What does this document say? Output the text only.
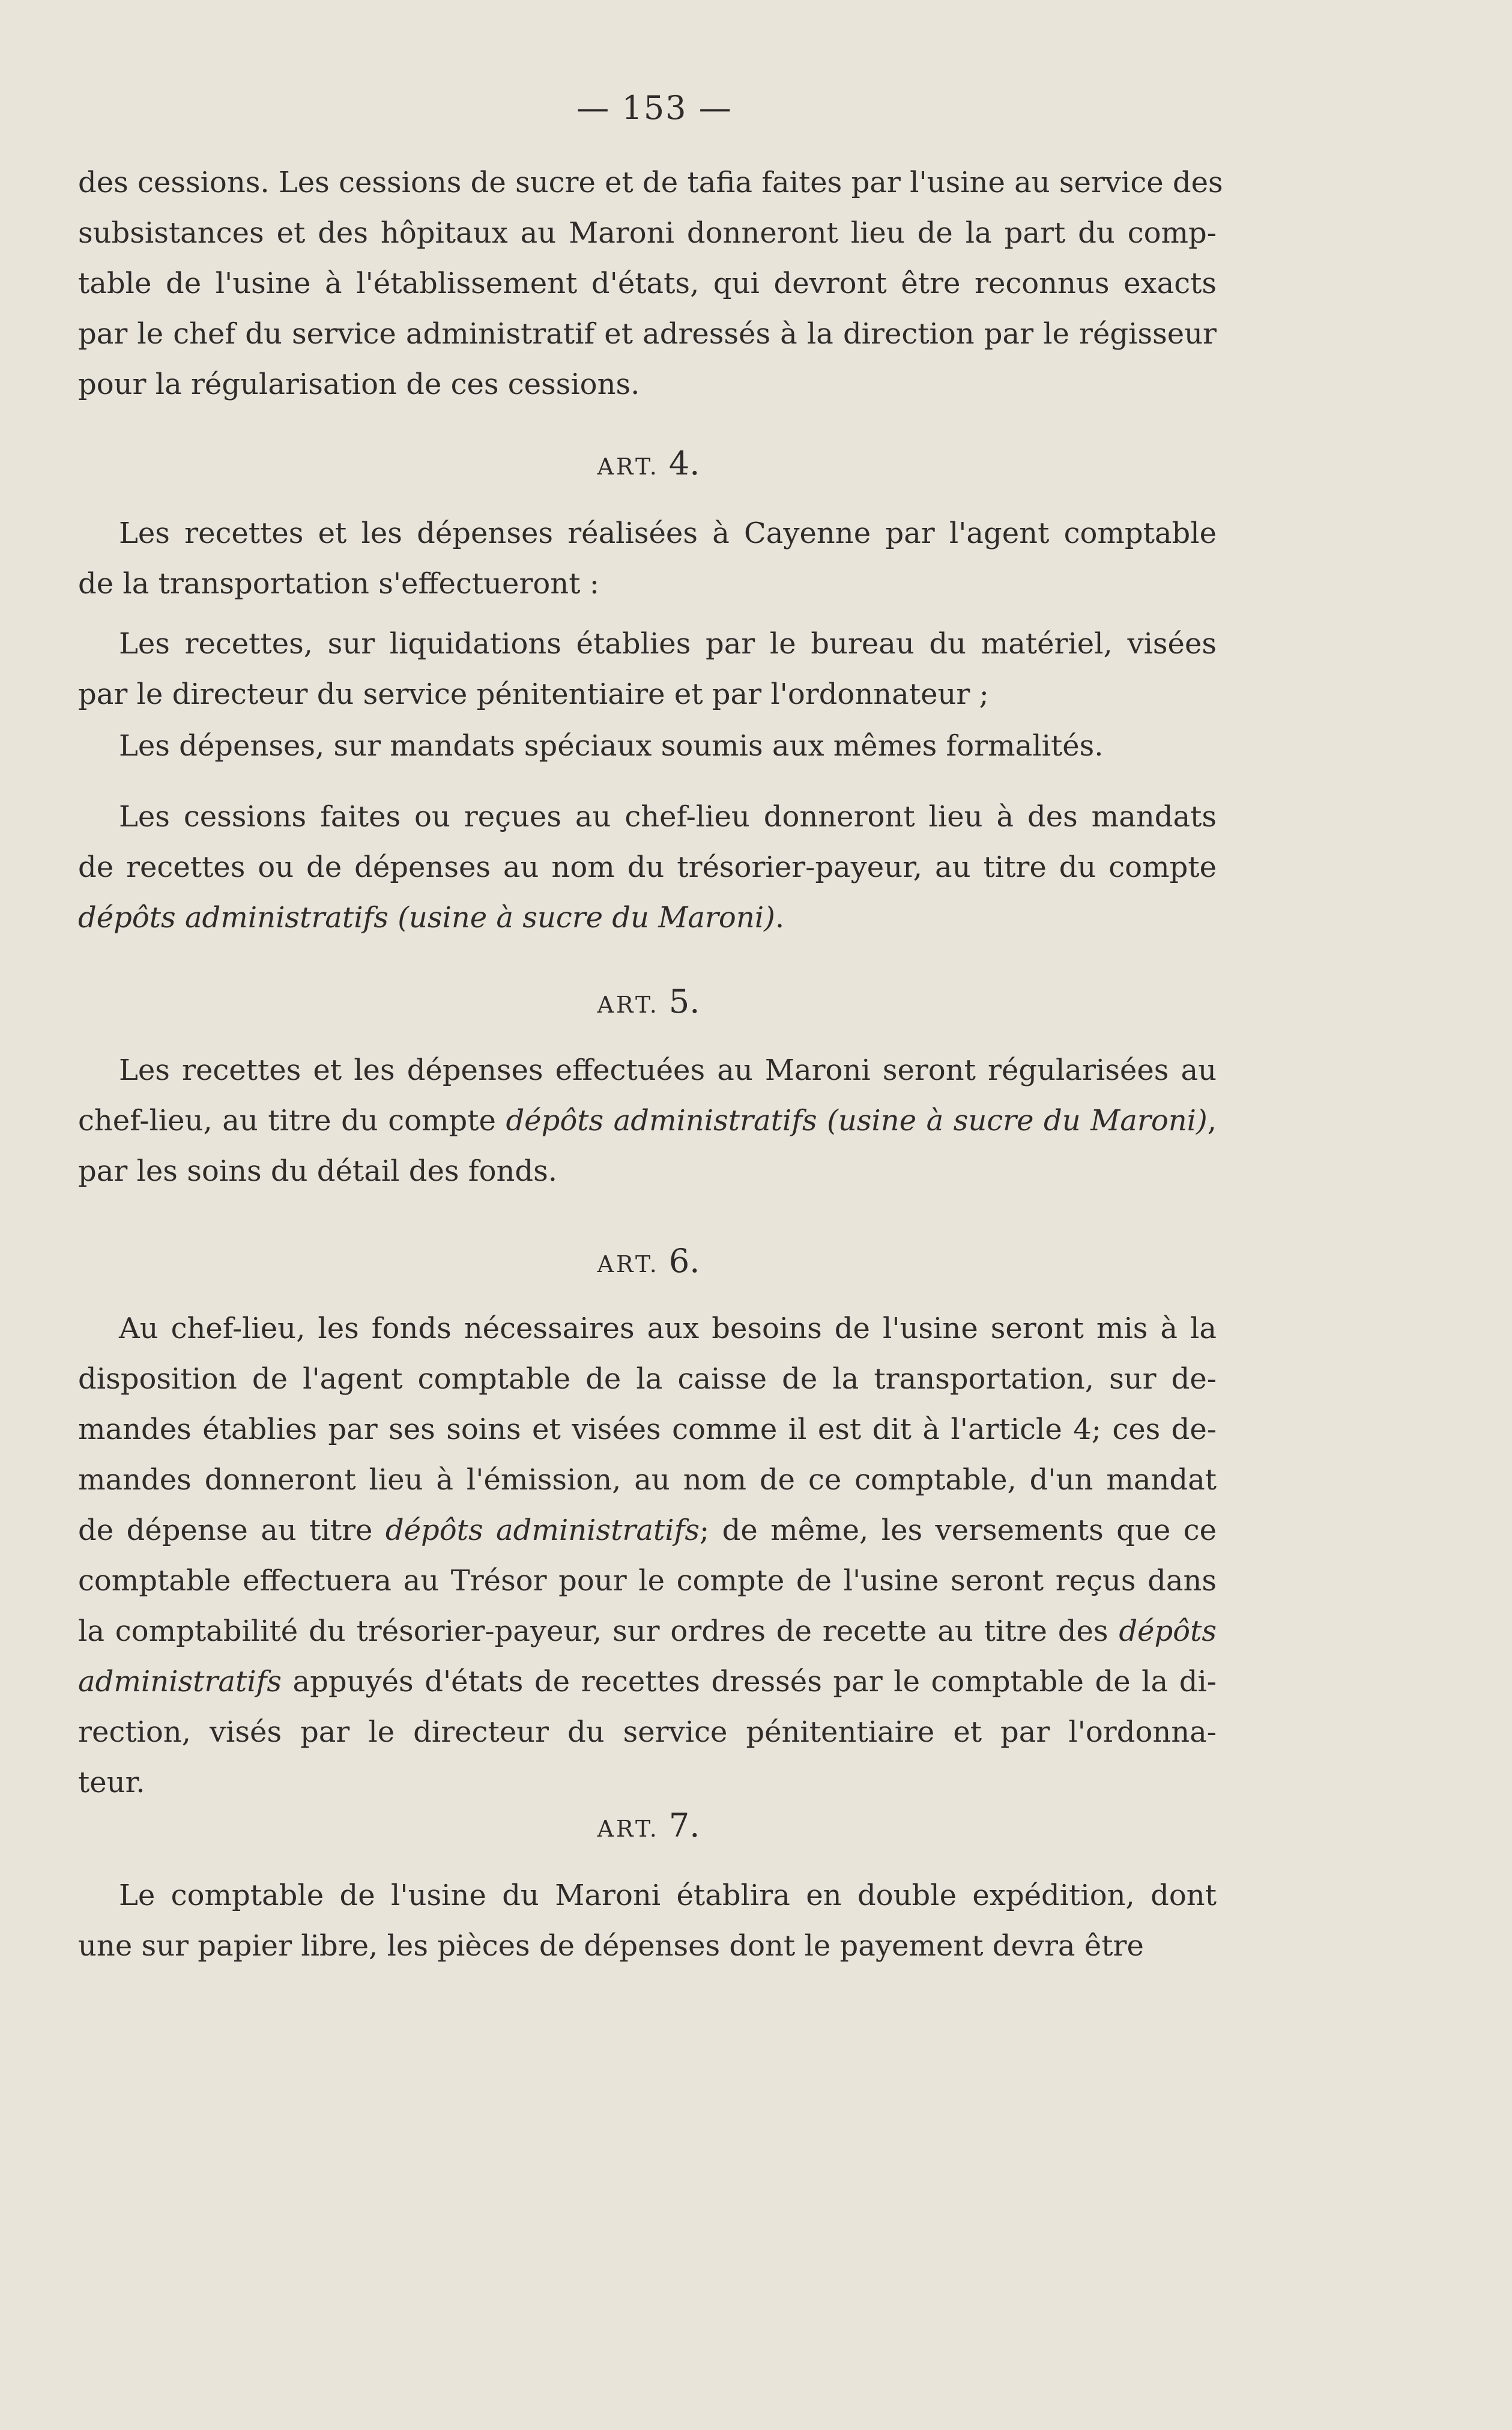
— 153 —
des cessions. Les cessions de sucre et de tafia faites par l'usine au service des
subsistances et des hôpitaux au Maroni donneront lieu de la part du comp-
table de l'usine à l'établissement d'états, qui devront être reconnus exacts
par le chef du service administratif et adressés à la direction par le régisseur
pour la régularisation de ces cessions.
ART. 4.
Les recettes et les dépenses réalisées à Cayenne par l'agent comptable
de la transportation s'effectueront :
Les recettes, sur liquidations établies par le bureau du matériel, visées
par le directeur du service pénitentiaire et par l'ordonnateur ;
Les dépenses, sur mandats spéciaux soumis aux mêmes formalités.
Les cessions faites ou reçues au chef-lieu donneront lieu à des mandats
de recettes ou de dépenses au nom du trésorier-payeur, au titre du compte
dépôts administratifs (usine à sucre du Maroni).
ART. 5.
Les recettes et les dépenses effectuées au Maroni seront régularisées au
chef-lieu, au titre du compte dépôts administratifs (usine à sucre du Maroni),
par les soins du détail des fonds.
ART. 6.
Au chef-lieu, les fonds nécessaires aux besoins de l'usine seront mis à la
disposition de l'agent comptable de la caisse de la transportation, sur de-
mandes établies par ses soins et visées comme il est dit à l'article 4; ces de-
mandes donneront lieu à l'émission, au nom de ce comptable, d'un mandat
de dépense au titre dépôts administratifs; de même, les versements que ce
comptable effectuera au Trésor pour le compte de l'usine seront reçus dans
la comptabilité du trésorier-payeur, sur ordres de recette au titre des dépôts
administratifs appuyés d'états de recettes dressés par le comptable de la di-
rection, visés par le directeur du service pénitentiaire et par l'ordonna-
teur.
ART. 7.
Le comptable de l'usine du Maroni établira en double expédition, dont
une sur papier libre, les pièces de dépenses dont le payement devra être
